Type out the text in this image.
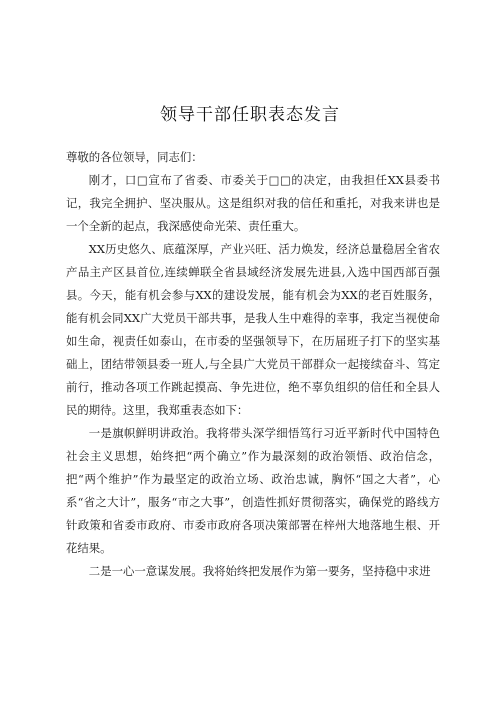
领导干部任职表态发言

尊敬的各位领导，同志们：

刚才，口□宣布了省委、市委关于□□的决定，由我担任XX县委书记，我完全拥护、坚决服从。这是组织对我的信任和重托，对我来讲也是一个全新的起点，我深感使命光荣、责任重大。

XX历史悠久、底蕴深厚，产业兴旺、活力焕发，经济总量稳居全省农产品主产区县首位,连续蝉联全省县域经济发展先进县,入选中国西部百强县。今天，能有机会参与XX的建设发展，能有机会为XX的老百姓服务，能有机会同XX广大党员干部共事，是我人生中难得的幸事，我定当视使命如生命，视责任如泰山，在市委的坚强领导下，在历届班子打下的坚实基础上，团结带领县委一班人,与全县广大党员干部群众一起接续奋斗、笃定前行，推动各项工作跳起摸高、争先进位，绝不辜负组织的信任和全县人民的期待。这里，我郑重表态如下：

一是旗帜鲜明讲政治。我将带头深学细悟笃行习近平新时代中国特色社会主义思想，始终把“两个确立”作为最深刻的政治领悟、政治信念，把“两个维护”作为最坚定的政治立场、政治忠诚，胸怀“国之大者”，心系“省之大计”，服务“市之大事”，创造性抓好贯彻落实，确保党的路线方针政策和省委市政府、市委市政府各项决策部署在梓州大地落地生根、开花结果。

二是一心一意谋发展。我将始终把发展作为第一要务，坚持稳中求进
